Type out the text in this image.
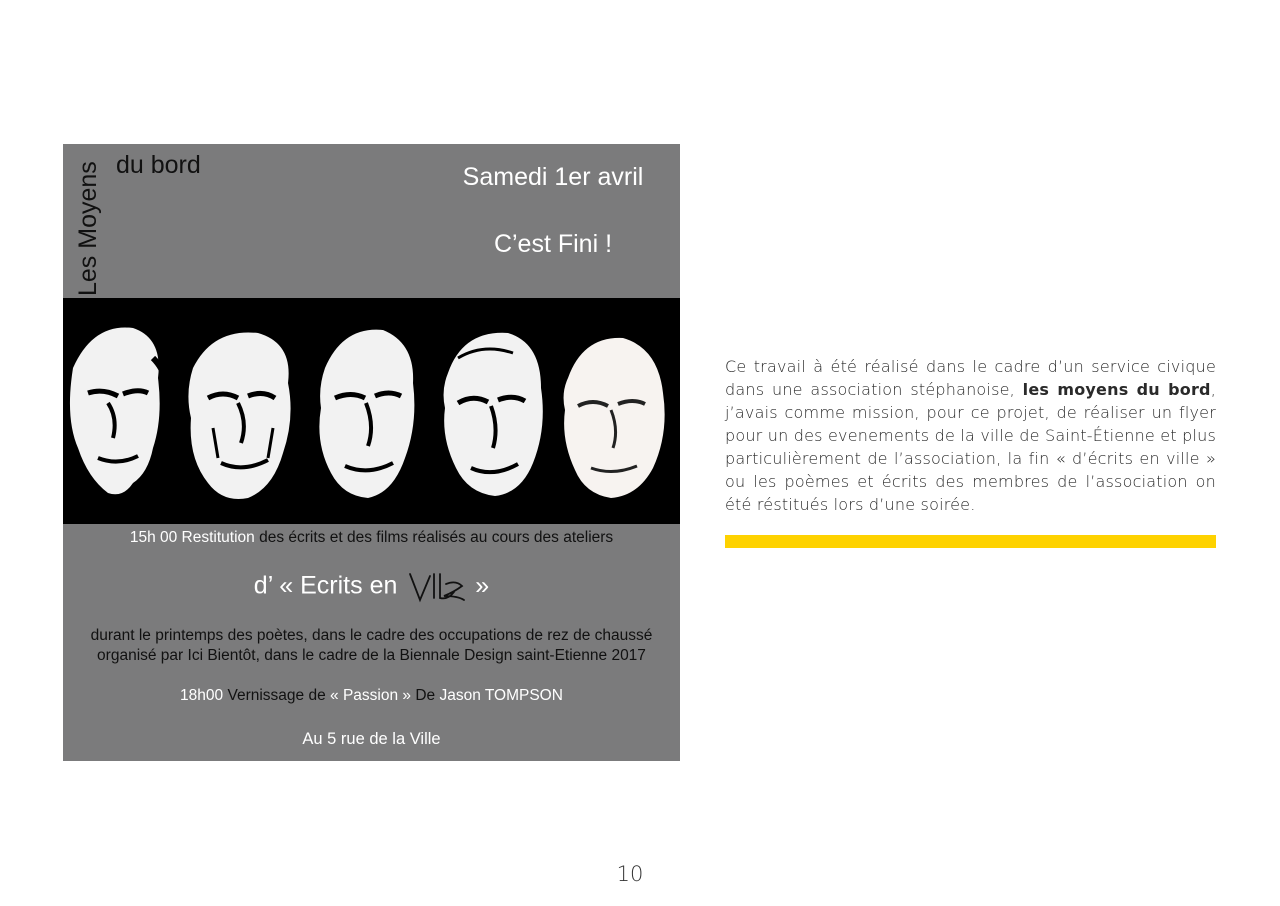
Les Moyens du bord	Samedi 1er avril
C’est Fini !
15h 00 Restitution des écrits et des films réalisés au cours des ateliers
d’ « Ecrits en	»
durant le printemps des poètes, dans le cadre des occupations de rez de chaussé
organisé par Ici Bientôt, dans le cadre de la Biennale Design saint-Etienne 2017
18h00 Vernissage de « Passion » De Jason TOMPSON
Au 5 rue de la Ville
Ce travail à été réalisé dans le cadre d’un service civique dans une association stéphanoise, les moyens du bord, j’avais comme mission, pour ce projet, de réaliser un flyer pour un des evenements de la ville de Saint-Étienne et plus particulièrement de l’association, la fin « d’écrits en ville » ou les poèmes et écrits des membres de l’association on été réstitués lors d’une soirée.
10
